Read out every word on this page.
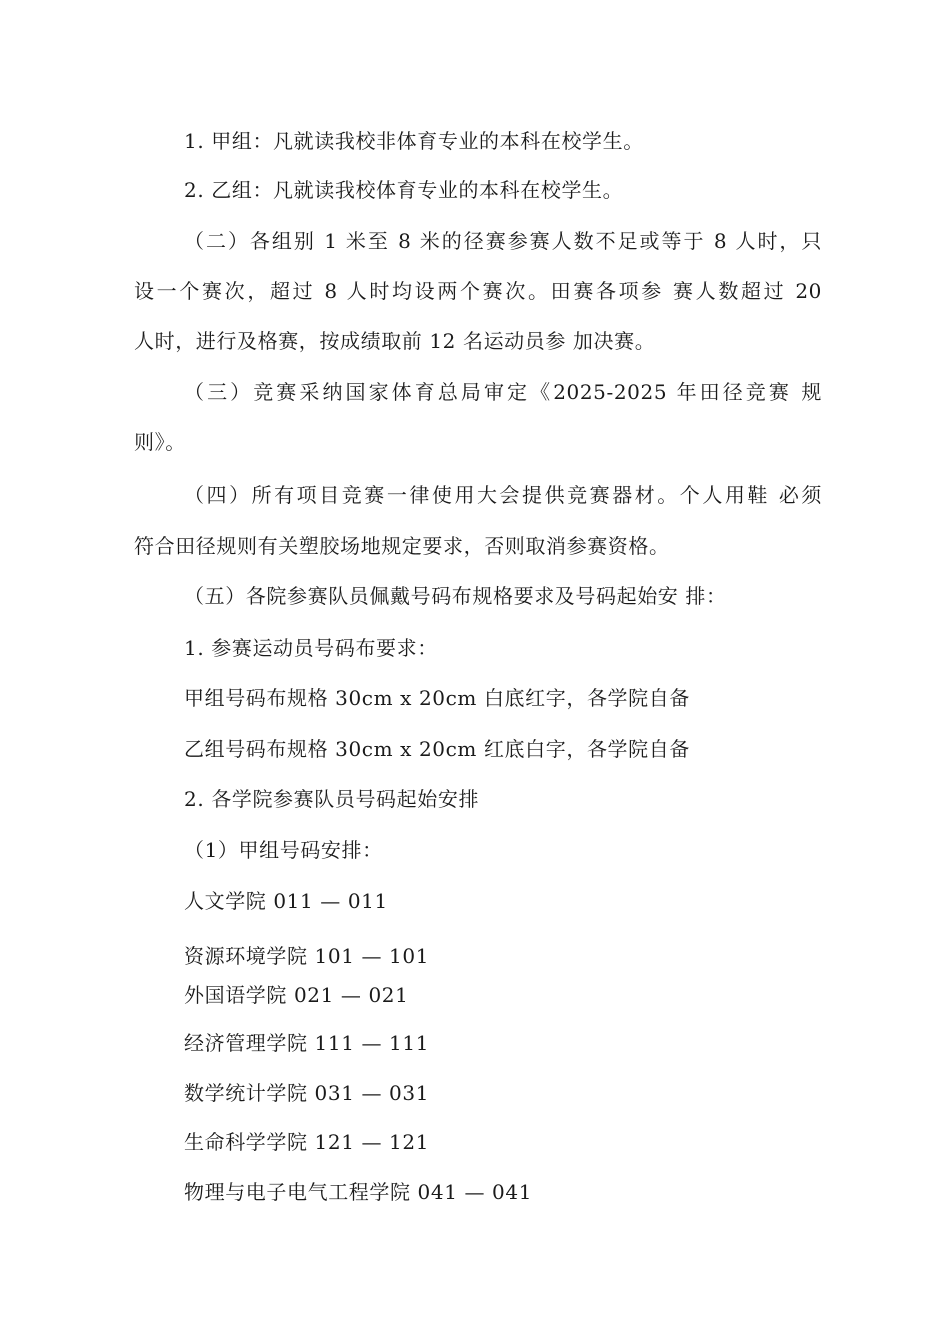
1. 甲组：凡就读我校非体育专业的本科在校学生。
2. 乙组：凡就读我校体育专业的本科在校学生。
（二）各组别 1 米至 8 米的径赛参赛人数不足或等于 8 人时，只
设一个赛次，超过 8 人时均设两个赛次。田赛各项参 赛人数超过 20
人时，进行及格赛，按成绩取前 12 名运动员参 加决赛。
（三）竞赛采纳国家体育总局审定《2025-2025 年田径竞赛 规
则》。
（四）所有项目竞赛一律使用大会提供竞赛器材。个人用鞋 必须
符合田径规则有关塑胶场地规定要求，否则取消参赛资格。
（五）各院参赛队员佩戴号码布规格要求及号码起始安 排：
1. 参赛运动员号码布要求：
甲组号码布规格 30cm x 20cm 白底红字，各学院自备
乙组号码布规格 30cm x 20cm 红底白字，各学院自备
2. 各学院参赛队员号码起始安排
（1）甲组号码安排：
人文学院 011 — 011
资源环境学院 101 — 101
外国语学院 021 — 021
经济管理学院 111 — 111
数学统计学院 031 — 031
生命科学学院 121 — 121
物理与电子电气工程学院 041 — 041
